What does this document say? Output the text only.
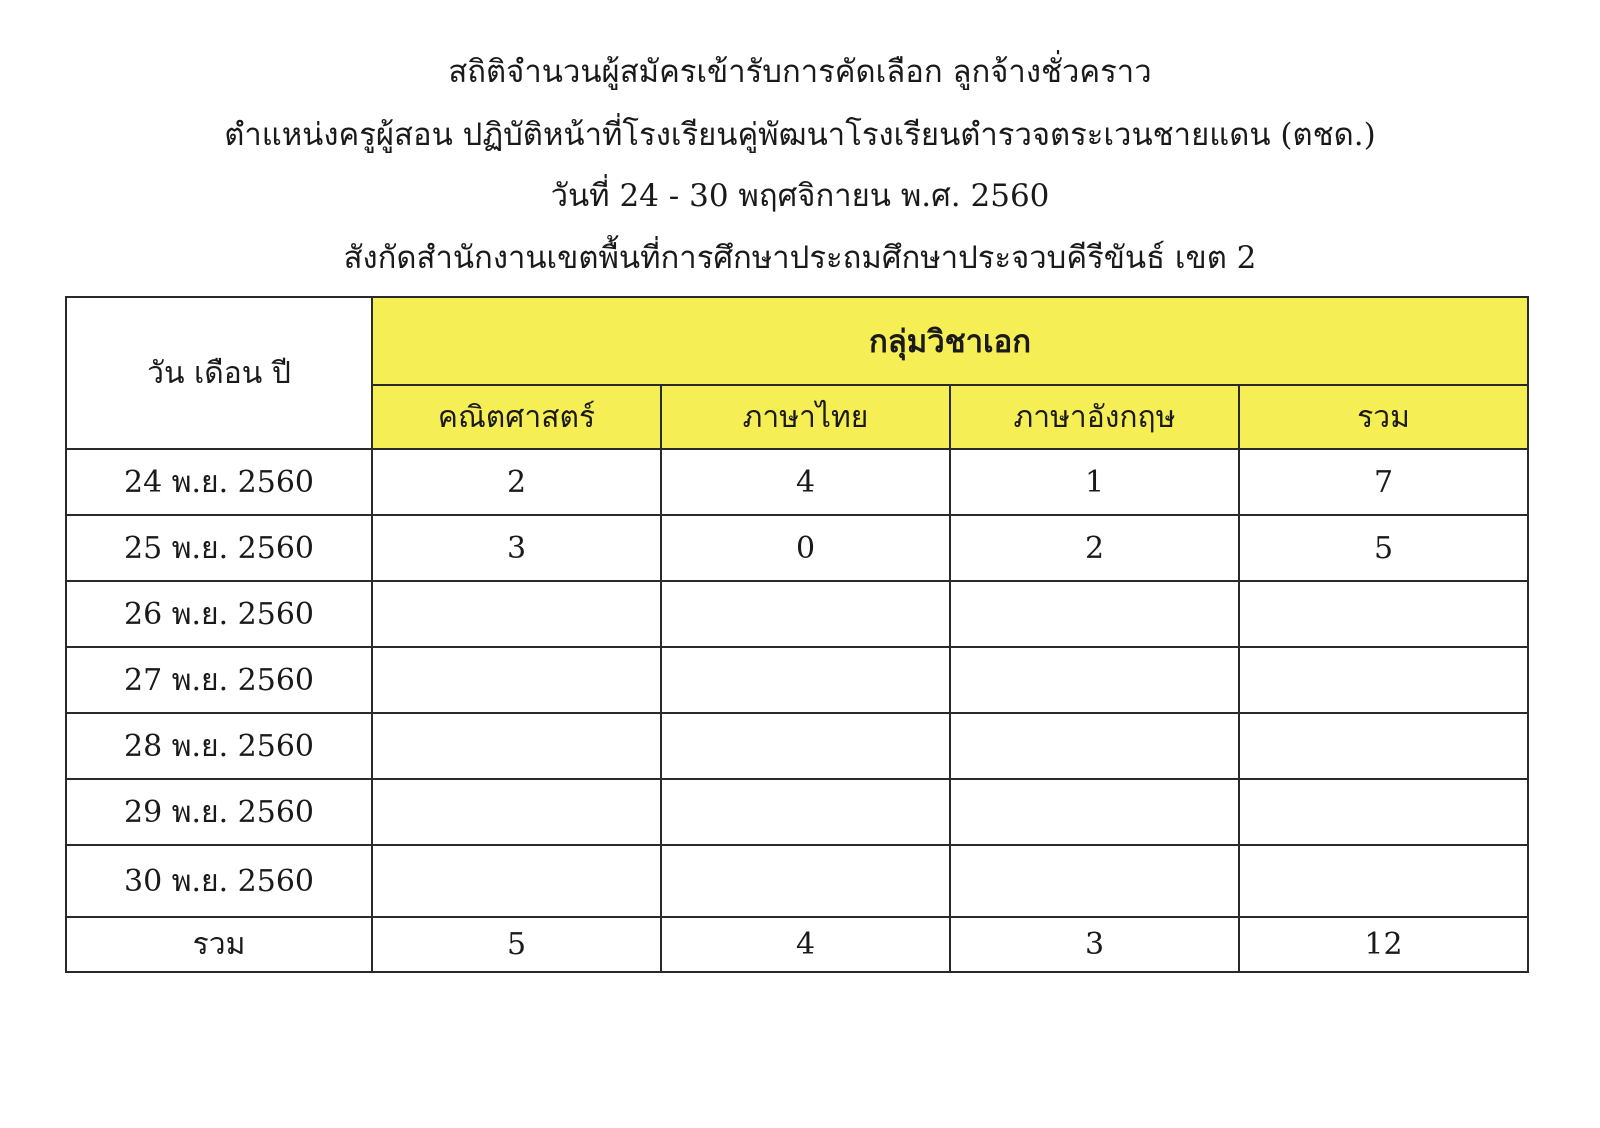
สถิติจำนวนผู้สมัครเข้ารับการคัดเลือก ลูกจ้างชั่วคราว
ตำแหน่งครูผู้สอน ปฏิบัติหน้าที่โรงเรียนคู่พัฒนาโรงเรียนตำรวจตระเวนชายแดน (ตชด.)
วันที่ 24 - 30 พฤศจิกายน พ.ศ. 2560
สังกัดสำนักงานเขตพื้นที่การศึกษาประถมศึกษาประจวบคีรีขันธ์ เขต 2
วัน เดือน ปี	กลุ่มวิชาเอก			
	คณิตศาสตร์	ภาษาไทย	ภาษาอังกฤษ	รวม
24 พ.ย. 2560	2	4	1	7
25 พ.ย. 2560	3	0	2	5
26 พ.ย. 2560				
27 พ.ย. 2560				
28 พ.ย. 2560				
29 พ.ย. 2560				
30 พ.ย. 2560				
รวม	5	4	3	12
